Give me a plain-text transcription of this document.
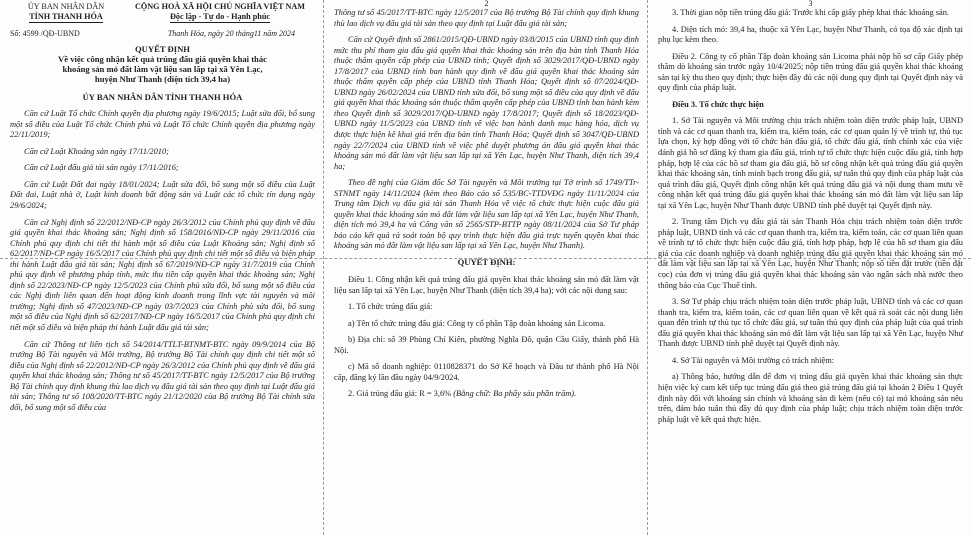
ỦY BAN NHÂN DÂN
TỈNH THANH HÓA
CỘNG HOÀ XÃ HỘI CHỦ NGHĨA VIỆT NAM
Độc lập - Tự do - Hạnh phúc
Số: 4599 /QĐ-UBND	Thanh Hóa, ngày 20 tháng11 năm 2024
QUYẾT ĐỊNH
Về việc công nhận kết quả trúng đấu giá quyền khai thác
khoáng sản mỏ đất làm vật liệu san lấp tại xã Yên Lạc,
huyện Như Thanh (diện tích 39,4 ha)
ỦY BAN NHÂN DÂN TỈNH THANH HÓA

Căn cứ Luật Tổ chức Chính quyền địa phương ngày 19/6/2015; Luật sửa đổi, bổ sung một số điều của Luật Tổ chức Chính phủ và Luật Tổ chức Chính quyền địa phương ngày 22/11/2019;

Căn cứ Luật Khoáng sản ngày 17/11/2010;

Căn cứ Luật đấu giá tài sản ngày 17/11/2016;

Căn cứ Luật Đất đai ngày 18/01/2024; Luật sửa đổi, bổ sung một số điều của Luật Đất đai, Luật nhà ở, Luật kinh doanh bất động sản và Luật các tổ chức tín dụng ngày 29/6/2024;

Căn cứ Nghị định số 22/2012/NĐ-CP ngày 26/3/2012 của Chính phủ quy định về đấu giá quyền khai thác khoáng sản; Nghị định số 158/2016/NĐ-CP ngày 29/11/2016 của Chính phủ quy định chi tiết thi hành một số điều của Luật Khoáng sản; Nghị định số 62/2017/NĐ-CP ngày 16/5/2017 của Chính phủ quy định chi tiết một số điều và biện pháp thi hành Luật đấu giá tài sản; Nghị định số 67/2019/NĐ-CP ngày 31/7/2019 của Chính phủ quy định về phương pháp tính, mức thu tiền cấp quyền khai thác khoáng sản; Nghị định số 22/2023/NĐ-CP ngày 12/5/2023 của Chính phủ sửa đổi, bổ sung một số điều của các Nghị định liên quan đến hoạt động kinh doanh trong lĩnh vực tài nguyên và môi trường; Nghị định số 47/2023/NĐ-CP ngày 03/7/2023 của Chính phủ sửa đổi, bổ sung một số điều của Nghị định số 62/2017/NĐ-CP ngày 16/5/2017 của Chính phủ quy định chi tiết một số điều và biện pháp thi hành Luật đấu giá tài sản;

Căn cứ Thông tư liên tịch số 54/2014/TTLT-BTNMT-BTC ngày 09/9/2014 của Bộ trưởng Bộ Tài nguyên và Môi trường, Bộ trưởng Bộ Tài chính quy định chi tiết một số điều của Nghị định số 22/2012/NĐ-CP ngày 26/3/2012 của Chính phủ quy định về đấu giá quyền khai thác khoáng sản; Thông tư số 45/2017/TT-BTC ngày 12/5/2017 của Bộ trưởng Bộ Tài chính quy định khung thù lao dịch vụ đấu giá tài sản theo quy định tại Luật đấu giá tài sản; Thông tư số 108/2020/TT-BTC ngày 21/12/2020 của Bộ trưởng Bộ Tài chính sửa đổi, bổ sung một số điều của

2

Thông tư số 45/2017/TT-BTC ngày 12/5/2017 của Bộ trưởng Bộ Tài chính quy định khung thù lao dịch vụ đấu giá tài sản theo quy định tại Luật đấu giá tài sản;

Căn cứ Quyết định số 2861/2015/QĐ-UBND ngày 03/8/2015 của UBND tỉnh quy định mức thu phí tham gia đấu giá quyền khai thác khoáng sản trên địa bàn tỉnh Thanh Hóa thuộc thẩm quyền cấp phép của UBND tỉnh; Quyết định số 3029/2017/QĐ-UBND ngày 17/8/2017 của UBND tỉnh ban hành quy định về đấu giá quyền khai thác khoáng sản thuộc thẩm quyền cấp phép của UBND tỉnh Thanh Hóa; Quyết định số 07/2024/QĐ-UBND ngày 26/02/2024 của UBND tỉnh sửa đổi, bổ sung một số điều của quy định về đấu giá quyền khai thác khoáng sản thuộc thẩm quyền cấp phép của UBND tỉnh ban hành kèm theo Quyết định số 3029/2017/QĐ-UBND ngày 17/8/2017; Quyết định số 18/2023/QĐ-UBND ngày 11/5/2023 của UBND tỉnh về việc ban hành danh mục hàng hóa, dịch vụ được thực hiện kê khai giá trên địa bàn tỉnh Thanh Hóa; Quyết định số 3047/QĐ-UBND ngày 22/7/2024 của UBND tỉnh về việc phê duyệt phương án đấu giá quyền khai thác khoáng sản mỏ đất làm vật liệu san lấp tại xã Yên Lạc, huyện Như Thanh, diện tích 39,4 ha;

Theo đề nghị của Giám đốc Sở Tài nguyên và Môi trường tại Tờ trình số 1749/TTr-STNMT ngày 14/11/2024 (kèm theo Báo cáo số 535/BC-TTDVĐG ngày 11/11/2024 của Trung tâm Dịch vụ đấu giá tài sản Thanh Hóa về việc tổ chức thực hiện cuộc đấu giá quyền khai thác khoáng sản mỏ đất làm vật liệu san lấp tại xã Yên Lạc, huyện Như Thanh, diện tích mỏ 39,4 ha và Công văn số 2565/STP-BTTP ngày 08/11/2024 của Sở Tư pháp báo cáo kết quả rà soát toàn bộ quy trình thực hiện đấu giá trực tuyến quyền khai thác khoáng sản mỏ đất làm vật liệu san lấp tại xã Yên Lạc, huyện Như Thanh).

QUYẾT ĐỊNH:

Điều 1. Công nhận kết quả trúng đấu giá quyền khai thác khoáng sản mỏ đất làm vật liệu san lấp tại xã Yên Lạc, huyện Như Thanh (diện tích 39,4 ha); với các nội dung sau:

1. Tổ chức trúng đấu giá:

a) Tên tổ chức trúng đấu giá: Công ty cổ phần Tập đoàn khoáng sản Licoma.

b) Địa chỉ: số 39 Phùng Chí Kiên, phường Nghĩa Đô, quận Cầu Giấy, thành phố Hà Nội.

c) Mã số doanh nghiệp: 0110828371 do Sở Kế hoạch và Đầu tư thành phố Hà Nội cấp, đăng ký lần đầu ngày 04/9/2024.

2. Giá trúng đấu giá: R = 3,6% (Bằng chữ: Ba phẩy sáu phần trăm).

3

3. Thời gian nộp tiền trúng đấu giá: Trước khi cấp giấy phép khai thác khoáng sản.

4. Diện tích mỏ: 39,4 ha, thuộc xã Yên Lạc, huyện Như Thanh, có tọa độ xác định tại phụ lục kèm theo.

Điều 2. Công ty cổ phần Tập đoàn khoáng sản Licoma phải nộp hồ sơ cấp Giấy phép thăm dò khoáng sản trước ngày 10/4/2025; nộp tiền trúng đấu giá quyền khai thác khoáng sản tại kỳ thu theo quy định; thực hiện đầy đủ các nội dung quy định tại Quyết định này và quy định của pháp luật.

Điều 3. Tổ chức thực hiện

1. Sở Tài nguyên và Môi trường chịu trách nhiệm toàn diện trước pháp luật, UBND tỉnh và các cơ quan thanh tra, kiểm tra, kiểm toán, các cơ quan quản lý về trình tự, thủ tục lựa chọn, ký hợp đồng với tổ chức bán đấu giá, tổ chức đấu giá, tính chính xác của việc đánh giá hồ sơ đăng ký tham gia đấu giá, trình tự tổ chức thực hiện cuộc đấu giá, tính hợp pháp, hợp lệ của các hồ sơ tham gia đấu giá, hồ sơ công nhận kết quả trúng đấu giá quyền khai thác khoáng sản, tính minh bạch trong đấu giá, sự tuân thủ quy định của pháp luật của quá trình đấu giá, Quyết định công nhận kết quả trúng đấu giá và nội dung tham mưu về công nhận kết quả trúng đấu giá quyền khai thác khoáng sản mỏ đất làm vật liệu san lấp tại xã Yên Lạc, huyện Như Thanh được UBND tỉnh phê duyệt tại Quyết định này.

2. Trung tâm Dịch vụ đấu giá tài sản Thanh Hóa chịu trách nhiệm toàn diện trước pháp luật, UBND tỉnh và các cơ quan thanh tra, kiểm tra, kiểm toán, các cơ quan liên quan về trình tự tổ chức thực hiện cuộc đấu giá, tính hợp pháp, hợp lệ của hồ sơ tham gia đấu giá của các doanh nghiệp và doanh nghiệp trúng đấu giá quyền khai thác khoáng sản mỏ đất làm vật liệu san lấp tại xã Yên Lạc, huyện Như Thanh; nộp số tiền đặt trước (tiền đặt cọc) của đơn vị trúng đấu giá quyền khai thác khoáng sản vào ngân sách nhà nước theo thông báo của Cục Thuế tỉnh.

3. Sở Tư pháp chịu trách nhiệm toàn diện trước pháp luật, UBND tỉnh và các cơ quan thanh tra, kiểm tra, kiểm toán, các cơ quan liên quan về kết quả rà soát các nội dung liên quan đến trình tự thủ tục tổ chức đấu giá, sự tuân thủ quy định của pháp luật của quá trình đấu giá quyền khai thác khoáng sản mỏ đất làm vật liệu san lấp tại xã Yên Lạc, huyện Như Thanh được UBND tỉnh phê duyệt tại Quyết định này.

4. Sở Tài nguyên và Môi trường có trách nhiệm:

a) Thông báo, hướng dẫn để đơn vị trúng đấu giá quyền khai thác khoáng sản thực hiện việc ký cam kết tiếp tục trúng đấu giá theo giá trúng đấu giá tại khoản 2 Điều 1 Quyết định này đối với khoáng sản chính và khoáng sản đi kèm (nếu có) tại mỏ khoáng sản nêu trên, đảm bảo tuân thủ đầy đủ quy định của pháp luật; chịu trách nhiệm toàn diện trước pháp luật về kết quả thực hiện.
